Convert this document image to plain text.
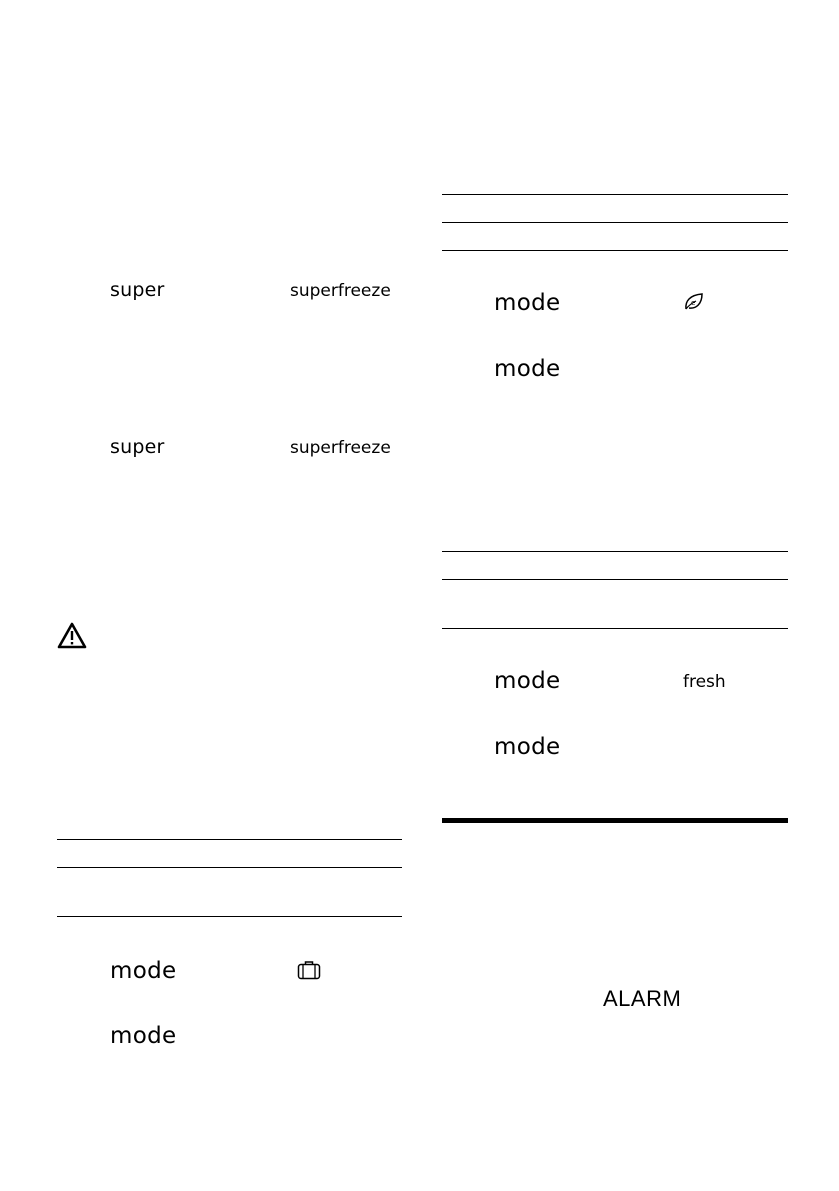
super	superfreeze
super	superfreeze
mode
mode
mode	e
mode
mode	fresh
mode
ALARM
